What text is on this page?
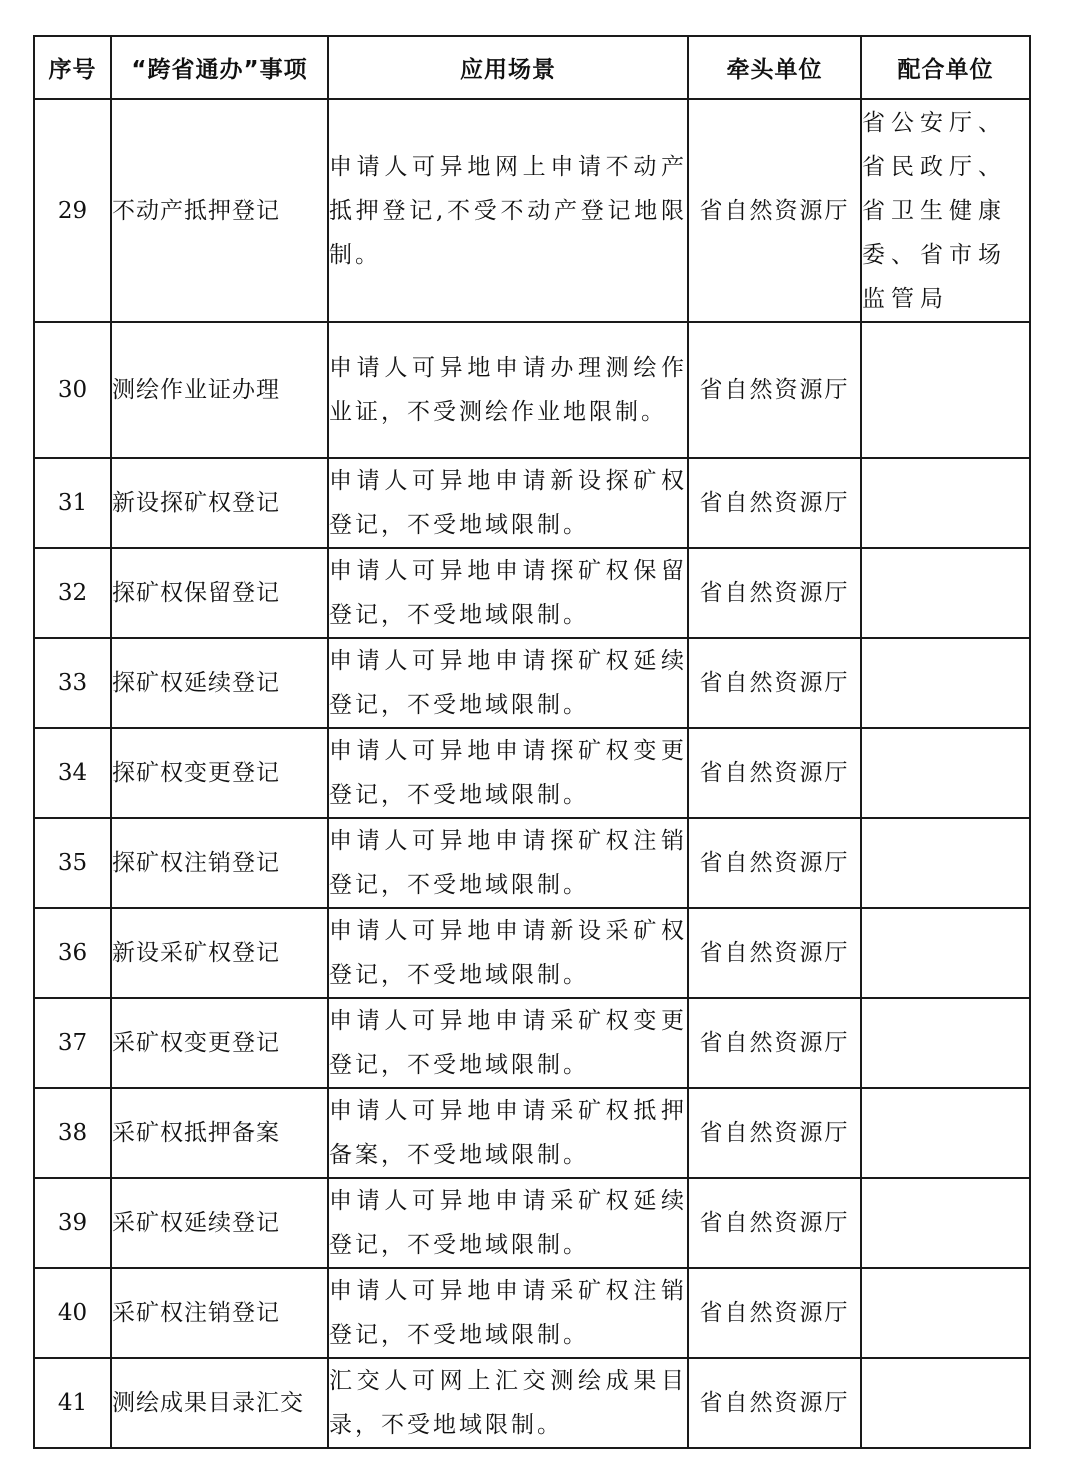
序号	“跨省通办”事项	应用场景	牵头单位	配合单位
29	不动产抵押登记	申请人可异地网上申请不动产抵押登记,不受不动产登记地限制。	省自然资源厅	省公安厅、省民政厅、省卫生健康委、省市场监管局
30	测绘作业证办理	申请人可异地申请办理测绘作业证，不受测绘作业地限制。	省自然资源厅	
31	新设探矿权登记	申请人可异地申请新设探矿权登记，不受地域限制。	省自然资源厅	
32	探矿权保留登记	申请人可异地申请探矿权保留登记，不受地域限制。	省自然资源厅	
33	探矿权延续登记	申请人可异地申请探矿权延续登记，不受地域限制。	省自然资源厅	
34	探矿权变更登记	申请人可异地申请探矿权变更登记，不受地域限制。	省自然资源厅	
35	探矿权注销登记	申请人可异地申请探矿权注销登记，不受地域限制。	省自然资源厅	
36	新设采矿权登记	申请人可异地申请新设采矿权登记，不受地域限制。	省自然资源厅	
37	采矿权变更登记	申请人可异地申请采矿权变更登记，不受地域限制。	省自然资源厅	
38	采矿权抵押备案	申请人可异地申请采矿权抵押备案，不受地域限制。	省自然资源厅	
39	采矿权延续登记	申请人可异地申请采矿权延续登记，不受地域限制。	省自然资源厅	
40	采矿权注销登记	申请人可异地申请采矿权注销登记，不受地域限制。	省自然资源厅	
41	测绘成果目录汇交	汇交人可网上汇交测绘成果目录，不受地域限制。	省自然资源厅	
